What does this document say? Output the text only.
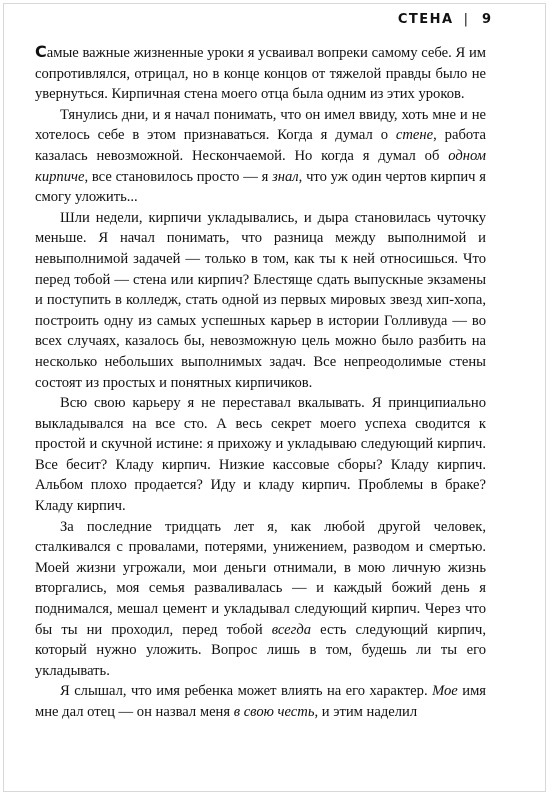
СТЕНА | 9

Самые важные жизненные уроки я усваивал вопреки самому себе. Я им сопротивлялся, отрицал, но в конце концов от тяжелой правды было не увернуться. Кирпичная стена моего отца была одним из этих уроков.

Тянулись дни, и я начал понимать, что он имел ввиду, хоть мне и не хотелось себе в этом признаваться. Когда я думал о стене, работа казалась невозможной. Нескончаемой. Но когда я думал об одном кирпиче, все становилось просто — я знал, что уж один чертов кирпич я смогу уложить...

Шли недели, кирпичи укладывались, и дыра становилась чуточку меньше. Я начал понимать, что разница между выполнимой и невыполнимой задачей — только в том, как ты к ней относишься. Что перед тобой — стена или кирпич? Блестяще сдать выпускные экзамены и поступить в колледж, стать одной из первых мировых звезд хип-хопа, построить одну из самых успешных карьер в истории Голливуда — во всех случаях, казалось бы, невозможную цель можно было разбить на несколько небольших выполнимых задач. Все непреодолимые стены состоят из простых и понятных кирпичиков.

Всю свою карьеру я не переставал вкалывать. Я принципиально выкладывался на все сто. А весь секрет моего успеха сводится к простой и скучной истине: я прихожу и укладываю следующий кирпич. Все бесит? Кладу кирпич. Низкие кассовые сборы? Кладу кирпич. Альбом плохо продается? Иду и кладу кирпич. Проблемы в браке? Кладу кирпич.

За последние тридцать лет я, как любой другой человек, сталкивался с провалами, потерями, унижением, разводом и смертью. Моей жизни угрожали, мои деньги отнимали, в мою личную жизнь вторгались, моя семья разваливалась — и каждый божий день я поднимался, мешал цемент и укладывал следующий кирпич. Через что бы ты ни проходил, перед тобой всегда есть следующий кирпич, который нужно уложить. Вопрос лишь в том, будешь ли ты его укладывать.

Я слышал, что имя ребенка может влиять на его характер. Мое имя мне дал отец — он назвал меня в свою честь, и этим наделил
